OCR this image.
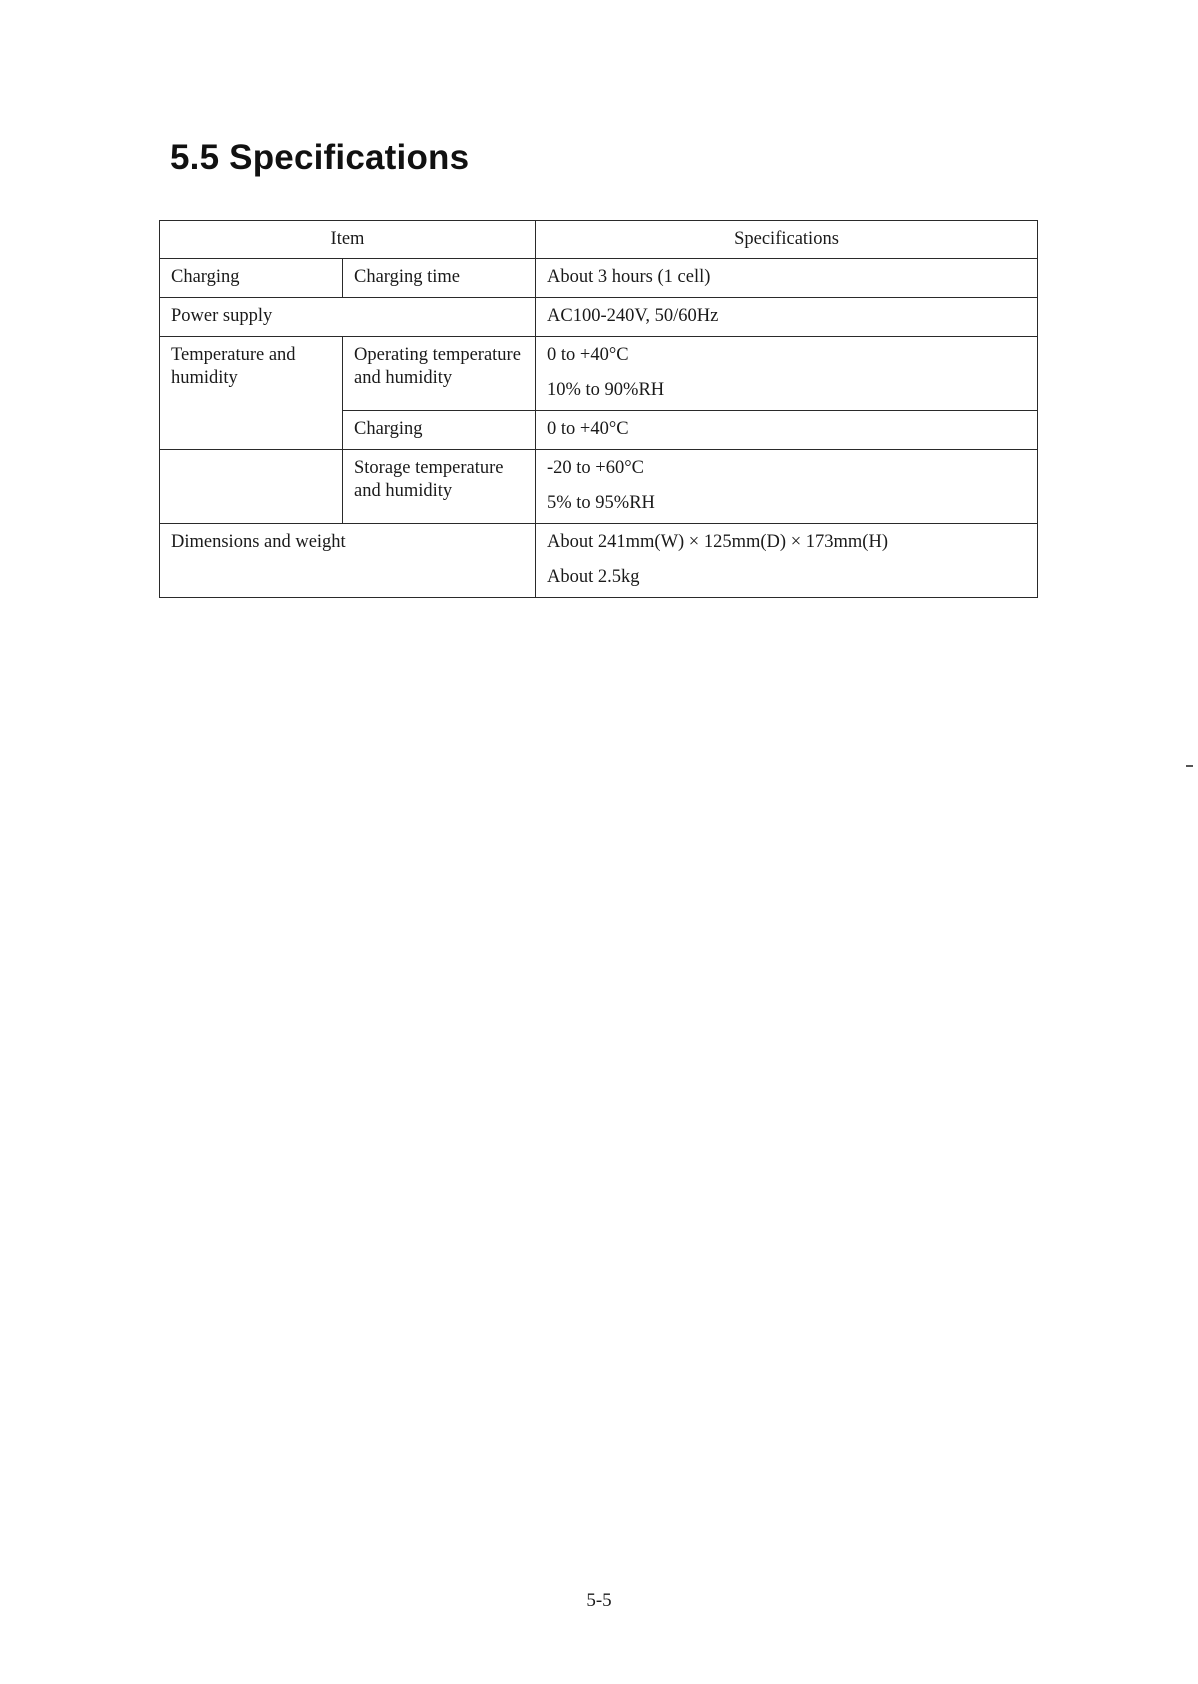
5.5 Specifications
Item		Specifications
Charging	Charging time	About 3 hours (1 cell)

Power supply		AC100-240V, 50/60Hz

Temperature and humidity	Operating temperature and humidity	0 to +40°C
10% to 90%RH

	Charging	0 to +40°C

	Storage temperature and humidity	-20 to +60°C
5% to 95%RH

Dimensions and weight		About 241mm(W) × 125mm(D) × 173mm(H)
About 2.5kg
5-5
